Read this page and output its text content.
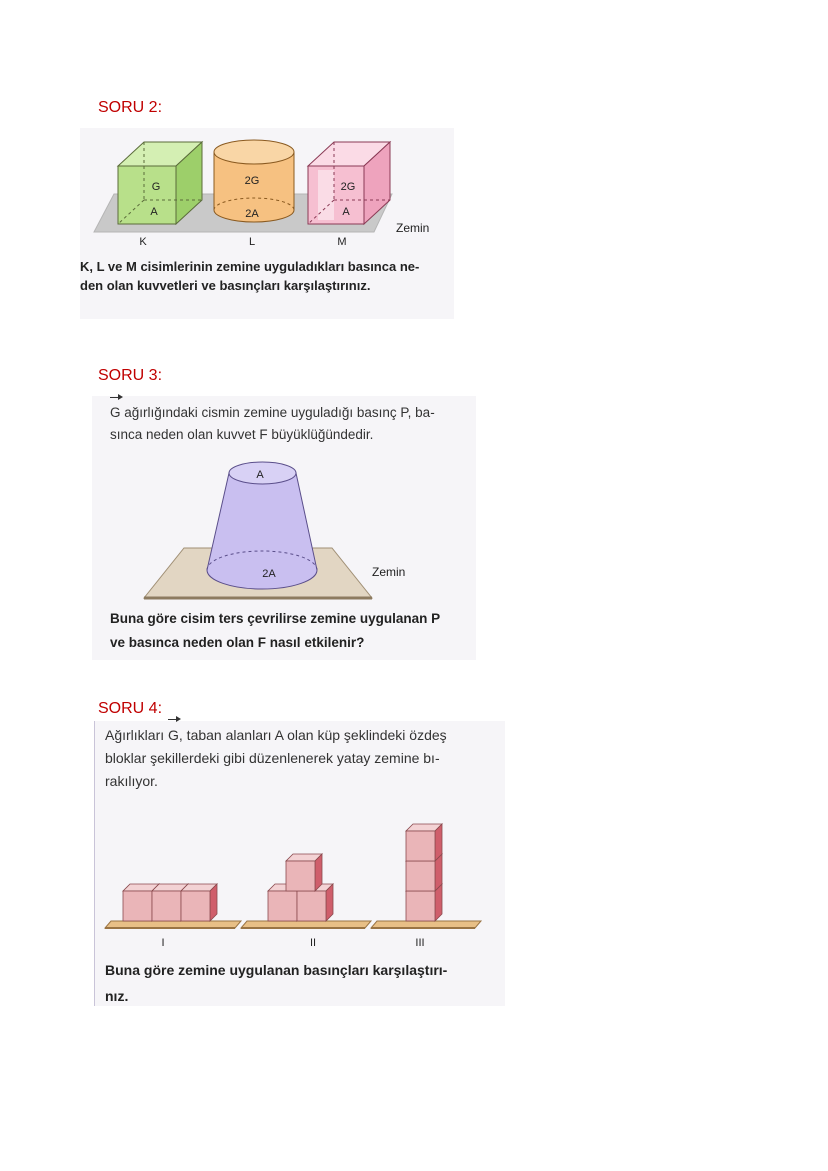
SORU 2:
G
A
2G
2A
2G
A
K	L	M
Zemin
K, L ve M cisimlerinin zemine uyguladıkları basınca ne-
den olan kuvvetleri ve basınçları karşılaştırınız.
SORU 3:
G ağırlığındaki cismin zemine uyguladığı basınç P, ba-
sınca neden olan kuvvet F büyüklüğündedir.
A
2A	Zemin
Buna göre cisim ters çevrilirse zemine uygulanan P
ve basınca neden olan F nasıl etkilenir?
SORU 4:
Ağırlıkları G, taban alanları A olan küp şeklindeki özdeş
bloklar şekillerdeki gibi düzenlenerek yatay zemine bı-
rakılıyor.
I	II	III
Buna göre zemine uygulanan basınçları karşılaştırı-
nız.
